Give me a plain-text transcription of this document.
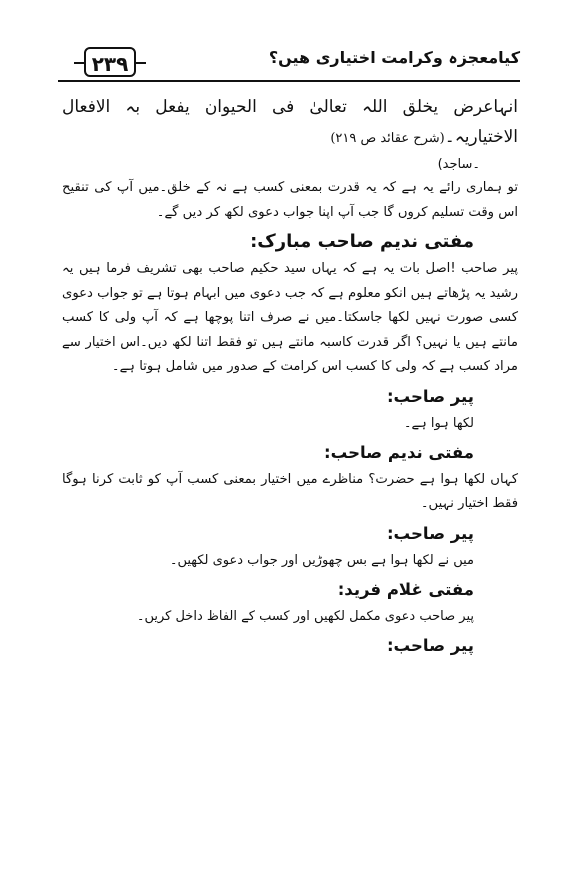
۲۳۹	کیامعجزہ وکرامت اختیاری ھیں؟

انہاعرض یخلق اللہ تعالیٰ فی الحیوان یفعل بہ الافعال الاختیاریہ۔(شرح عقائد ص ۲۱۹)

۔ساجد)

تو ہماری رائے یہ ہے کہ یہ قدرت بمعنی کسب ہے نہ کے خلق۔میں آپ کی تنقیح اس وقت تسلیم کروں گا جب آپ اپنا جواب دعوی لکھ کر دیں گے۔

مفتی ندیم صاحب مبارک:

پیر صاحب !اصل بات یہ ہے کہ یہاں سید حکیم صاحب بھی تشریف فرما ہیں یہ رشید یہ پڑھاتے ہیں انکو معلوم ہے کہ جب دعوی میں ابہام ہوتا ہے تو جواب دعوی کسی صورت نہیں لکھا جاسکتا۔میں نے صرف اتنا پوچھا ہے کہ آپ ولی کا کسب مانتے ہیں یا نہیں؟ اگر قدرت کاسبہ مانتے ہیں تو فقط اتنا لکھ دیں۔اس اختیار سے مراد کسب ہے کہ ولی کا کسب اس کرامت کے صدور میں شامل ہوتا ہے۔

پیر صاحب:

لکھا ہوا ہے۔

مفتی ندیم صاحب:

کہاں لکھا ہوا ہے حضرت؟ مناظرے میں اختیار بمعنی کسب آپ کو ثابت کرنا ہوگا فقط اختیار نہیں۔

پیر صاحب:

میں نے لکھا ہوا ہے بس چھوڑیں اور جواب دعوی لکھیں۔

مفتی غلام فرید:

پیر صاحب دعوی مکمل لکھیں اور کسب کے الفاظ داخل کریں۔

پیر صاحب:
